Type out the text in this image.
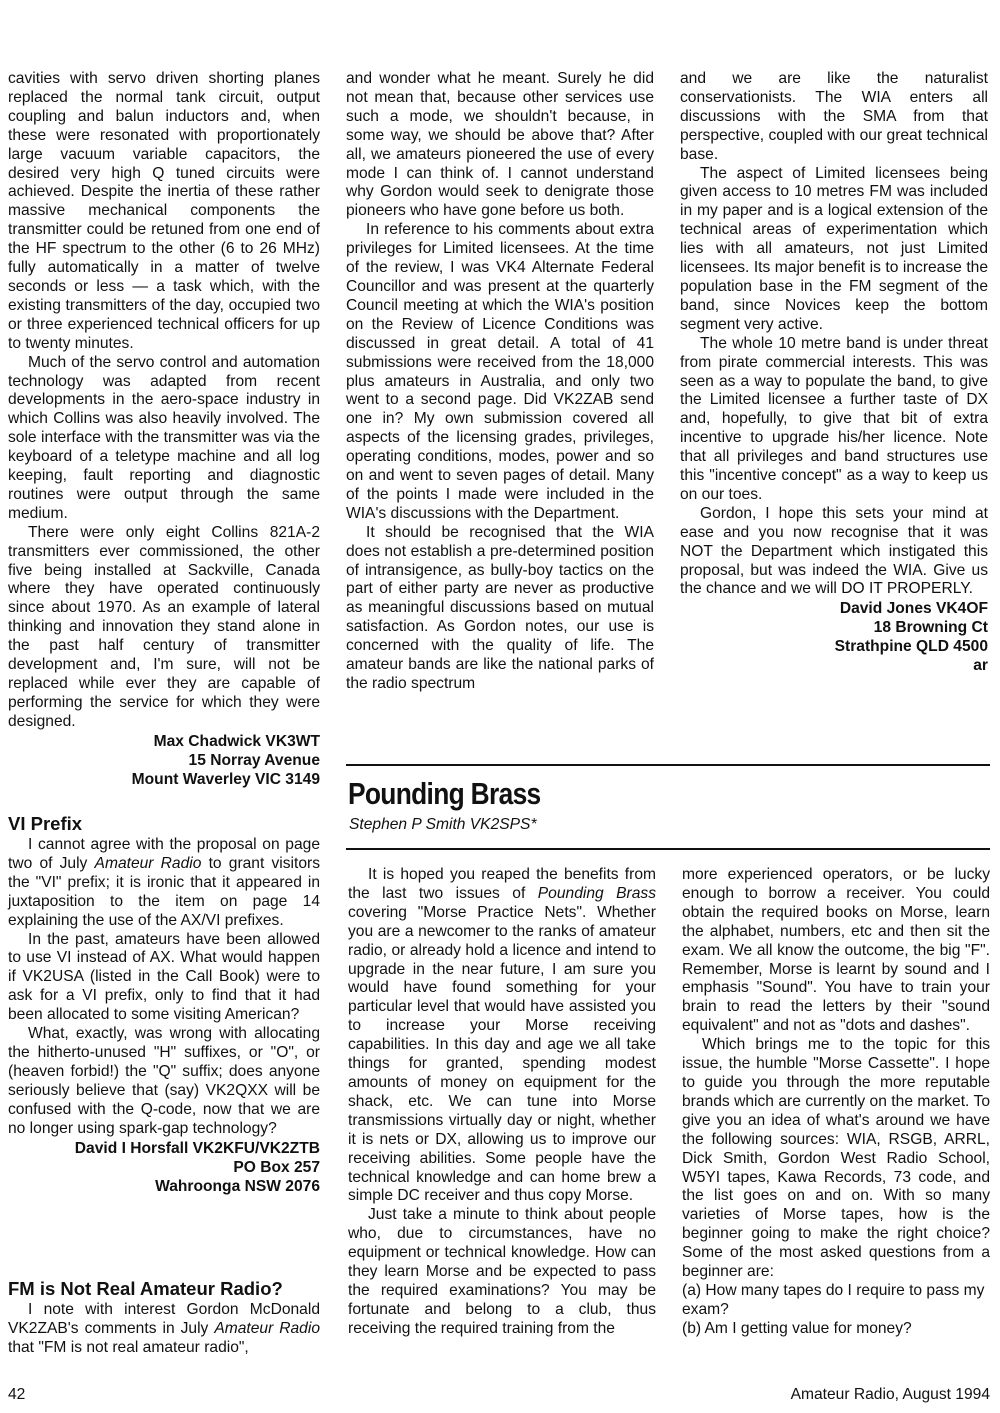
cavities with servo driven shorting planes replaced the normal tank circuit, output coupling and balun inductors and, when these were resonated with proportionately large vacuum variable capacitors, the desired very high Q tuned circuits were achieved. Despite the inertia of these rather massive mechanical components the transmitter could be retuned from one end of the HF spectrum to the other (6 to 26 MHz) fully automatically in a matter of twelve seconds or less — a task which, with the existing transmitters of the day, occupied two or three experienced technical officers for up to twenty minutes.

Much of the servo control and automation technology was adapted from recent developments in the aero-space industry in which Collins was also heavily involved. The sole interface with the transmitter was via the keyboard of a teletype machine and all log keeping, fault reporting and diagnostic routines were output through the same medium.

There were only eight Collins 821A-2 transmitters ever commissioned, the other five being installed at Sackville, Canada where they have operated continuously since about 1970. As an example of lateral thinking and innovation they stand alone in the past half century of transmitter development and, I'm sure, will not be replaced while ever they are capable of performing the service for which they were designed.

Max Chadwick VK3WT
15 Norray Avenue
Mount Waverley VIC 3149
VI Prefix

I cannot agree with the proposal on page two of July Amateur Radio to grant visitors the "VI" prefix; it is ironic that it appeared in juxtaposition to the item on page 14 explaining the use of the AX/VI prefixes.

In the past, amateurs have been allowed to use VI instead of AX. What would happen if VK2USA (listed in the Call Book) were to ask for a VI prefix, only to find that it had been allocated to some visiting American?

What, exactly, was wrong with allocating the hitherto-unused "H" suffixes, or "O", or (heaven forbid!) the "Q" suffix; does anyone seriously believe that (say) VK2QXX will be confused with the Q-code, now that we are no longer using spark-gap technology?

David I Horsfall VK2KFU/VK2ZTB
PO Box 257
Wahroonga NSW 2076
FM is Not Real Amateur Radio?

I note with interest Gordon McDonald VK2ZAB's comments in July Amateur Radio that "FM is not real amateur radio",

and wonder what he meant. Surely he did not mean that, because other services use such a mode, we shouldn't because, in some way, we should be above that? After all, we amateurs pioneered the use of every mode I can think of. I cannot understand why Gordon would seek to denigrate those pioneers who have gone before us both.

In reference to his comments about extra privileges for Limited licensees. At the time of the review, I was VK4 Alternate Federal Councillor and was present at the quarterly Council meeting at which the WIA's position on the Review of Licence Conditions was discussed in great detail. A total of 41 submissions were received from the 18,000 plus amateurs in Australia, and only two went to a second page. Did VK2ZAB send one in? My own submission covered all aspects of the licensing grades, privileges, operating conditions, modes, power and so on and went to seven pages of detail. Many of the points I made were included in the WIA's discussions with the Department.

It should be recognised that the WIA does not establish a pre-determined position of intransigence, as bully-boy tactics on the part of either party are never as productive as meaningful discussions based on mutual satisfaction. As Gordon notes, our use is concerned with the quality of life. The amateur bands are like the national parks of the radio spectrum

and we are like the naturalist conservationists. The WIA enters all discussions with the SMA from that perspective, coupled with our great technical base.

The aspect of Limited licensees being given access to 10 metres FM was included in my paper and is a logical extension of the technical areas of experimentation which lies with all amateurs, not just Limited licensees. Its major benefit is to increase the population base in the FM segment of the band, since Novices keep the bottom segment very active.

The whole 10 metre band is under threat from pirate commercial interests. This was seen as a way to populate the band, to give the Limited licensee a further taste of DX and, hopefully, to give that bit of extra incentive to upgrade his/her licence. Note that all privileges and band structures use this "incentive concept" as a way to keep us on our toes.

Gordon, I hope this sets your mind at ease and you now recognise that it was NOT the Department which instigated this proposal, but was indeed the WIA. Give us the chance and we will DO IT PROPERLY.

David Jones VK4OF
18 Browning Ct
Strathpine QLD 4500
ar
Pounding Brass
Stephen P Smith VK2SPS*

It is hoped you reaped the benefits from the last two issues of Pounding Brass covering "Morse Practice Nets". Whether you are a newcomer to the ranks of amateur radio, or already hold a licence and intend to upgrade in the near future, I am sure you would have found something for your particular level that would have assisted you to increase your Morse receiving capabilities. In this day and age we all take things for granted, spending modest amounts of money on equipment for the shack, etc. We can tune into Morse transmissions virtually day or night, whether it is nets or DX, allowing us to improve our receiving abilities. Some people have the technical knowledge and can home brew a simple DC receiver and thus copy Morse.

Just take a minute to think about people who, due to circumstances, have no equipment or technical knowledge. How can they learn Morse and be expected to pass the required examinations? You may be fortunate and belong to a club, thus receiving the required training from the

more experienced operators, or be lucky enough to borrow a receiver. You could obtain the required books on Morse, learn the alphabet, numbers, etc and then sit the exam. We all know the outcome, the big "F". Remember, Morse is learnt by sound and I emphasis "Sound". You have to train your brain to read the letters by their "sound equivalent" and not as "dots and dashes".

Which brings me to the topic for this issue, the humble "Morse Cassette". I hope to guide you through the more reputable brands which are currently on the market. To give you an idea of what's around we have the following sources: WIA, RSGB, ARRL, Dick Smith, Gordon West Radio School, W5YI tapes, Kawa Records, 73 code, and the list goes on and on. With so many varieties of Morse tapes, how is the beginner going to make the right choice? Some of the most asked questions from a beginner are:

(a) How many tapes do I require to pass my exam?

(b) Am I getting value for money?

42	Amateur Radio, August 1994
